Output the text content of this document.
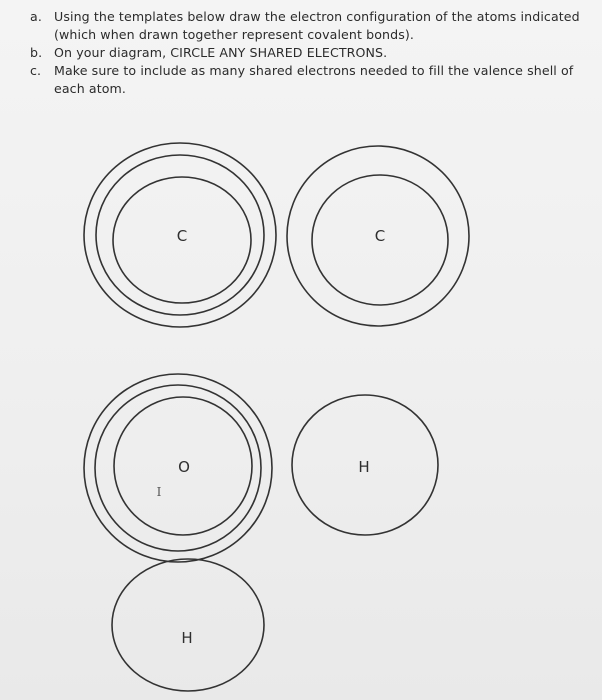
a. Using the templates below draw the electron configuration of the atoms indicated (which when drawn together represent covalent bonds).
b. On your diagram, CIRCLE ANY SHARED ELECTRONS.
c.	Make sure to include as many shared electrons needed to fill the valence shell of each atom.
C	C
O	H
H
I
